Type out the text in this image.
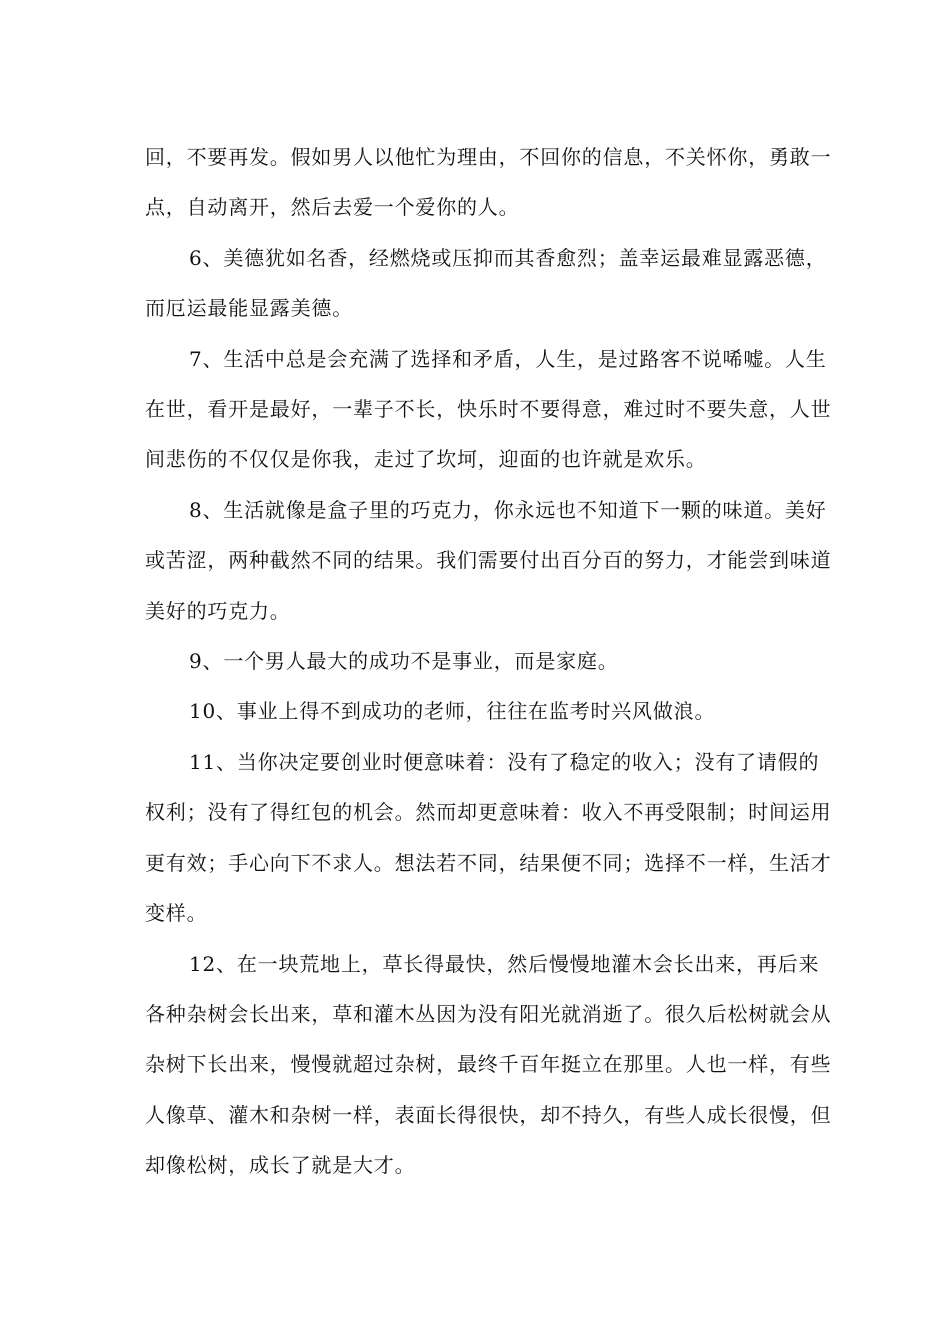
回，不要再发。假如男人以他忙为理由，不回你的信息，不关怀你，勇敢一点，自动离开，然后去爱一个爱你的人。

6、美德犹如名香，经燃烧或压抑而其香愈烈；盖幸运最难显露恶德，而厄运最能显露美德。

7、生活中总是会充满了选择和矛盾，人生，是过路客不说唏嘘。人生在世，看开是最好，一辈子不长，快乐时不要得意，难过时不要失意，人世间悲伤的不仅仅是你我，走过了坎坷，迎面的也许就是欢乐。

8、生活就像是盒子里的巧克力，你永远也不知道下一颗的味道。美好或苦涩，两种截然不同的结果。我们需要付出百分百的努力，才能尝到味道美好的巧克力。

9、一个男人最大的成功不是事业，而是家庭。

10、事业上得不到成功的老师，往往在监考时兴风做浪。

11、当你决定要创业时便意味着：没有了稳定的收入；没有了请假的权利；没有了得红包的机会。然而却更意味着：收入不再受限制；时间运用更有效；手心向下不求人。想法若不同，结果便不同；选择不一样，生活才变样。

12、在一块荒地上，草长得最快，然后慢慢地灌木会长出来，再后来各种杂树会长出来，草和灌木丛因为没有阳光就消逝了。很久后松树就会从杂树下长出来，慢慢就超过杂树，最终千百年挺立在那里。人也一样，有些人像草、灌木和杂树一样，表面长得很快，却不持久，有些人成长很慢，但却像松树，成长了就是大才。
